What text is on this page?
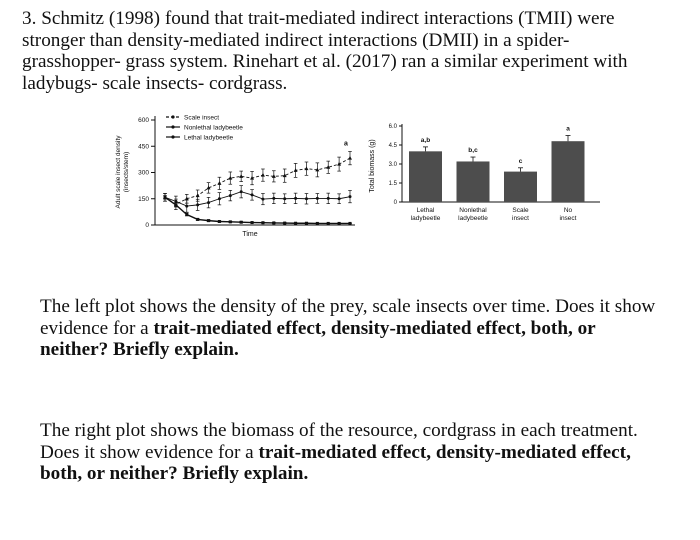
3. Schmitz (1998) found that trait-mediated indirect interactions (TMII) were stronger than density-mediated indirect interactions (DMII) in a spider- grasshopper- grass system. Rinehart et al. (2017) ran a similar experiment with ladybugs- scale insects- cordgrass.
0
150
300
450
600
Time
Adult scale insect density(insects/stem)
Scale insect
Nonlethal ladybeetle
Lethal ladybeetle
a
0
1.5
3.0
4.5
6.0
Total biomass (g)	a,b
Lethal
ladybeetle
b,c
Nonlethal
ladybeetle
c
Scale
insect
a
No
insect
The left plot shows the density of the prey, scale insects over time. Does it show evidence for a trait-mediated effect, density-mediated effect, both, or neither? Briefly explain.
The right plot shows the biomass of the resource, cordgrass in each treatment. Does it show evidence for a trait-mediated effect, density-mediated effect, both, or neither? Briefly explain.
